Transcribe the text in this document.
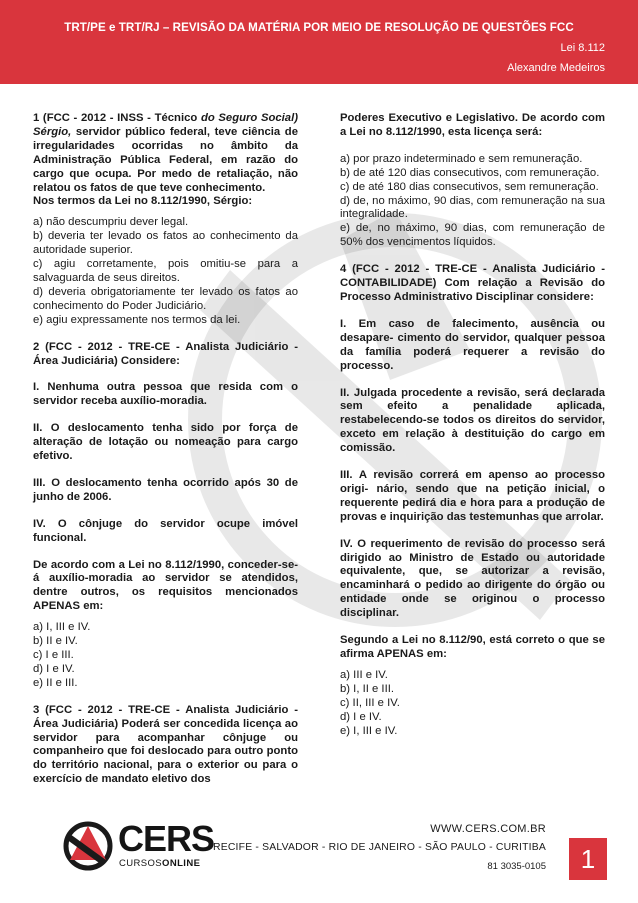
TRT/PE e TRT/RJ – REVISÃO DA MATÉRIA POR MEIO DE RESOLUÇÃO DE QUESTÕES FCC
Lei 8.112
Alexandre Medeiros

1 (FCC - 2012 - INSS - Técnico do Seguro Social) Sérgio, servidor público federal, teve ciência de irregularidades ocorridas no âmbito da Administração Pública Federal, em razão do cargo que ocupa. Por medo de retaliação, não relatou os fatos de que teve conhecimento.

Nos termos da Lei no 8.112/1990, Sérgio:

a) não descumpriu dever legal.

b) deveria ter levado os fatos ao conhecimento da autoridade superior.

c) agiu corretamente, pois omitiu-se para a salvaguarda de seus direitos.

d) deveria obrigatoriamente ter levado os fatos ao conhecimento do Poder Judiciário.

e) agiu expressamente nos termos da lei.

2 (FCC - 2012 - TRE-CE - Analista Judiciário - Área Judiciária) Considere:

I. Nenhuma outra pessoa que resida com o servidor receba auxílio-moradia.

II. O deslocamento tenha sido por força de alteração de lotação ou nomeação para cargo efetivo.

III. O deslocamento tenha ocorrido após 30 de junho de 2006.

IV. O cônjuge do servidor ocupe imóvel funcional.

De acordo com a Lei no 8.112/1990, conceder-se-á auxílio-moradia ao servidor se atendidos, dentre outros, os requisitos mencionados APENAS em:

a) I, III e IV.

b) II e IV.

c) I e III.

d) I e IV.

e) II e III.

3 (FCC - 2012 - TRE-CE - Analista Judiciário - Área Judiciária) Poderá ser concedida licença ao servidor para acompanhar cônjuge ou companheiro que foi deslocado para outro ponto do território nacional, para o exterior ou para o exercício de mandato eletivo dos

Poderes Executivo e Legislativo. De acordo com a Lei no 8.112/1990, esta licença será:

a) por prazo indeterminado e sem remuneração.

b) de até 120 dias consecutivos, com remuneração.

c) de até 180 dias consecutivos, sem remuneração.

d) de, no máximo, 90 dias, com remuneração na sua integralidade.

e) de, no máximo, 90 dias, com remuneração de 50% dos vencimentos líquidos.

4 (FCC - 2012 - TRE-CE - Analista Judiciário - CONTABILIDADE) Com relação a Revisão do Processo Administrativo Disciplinar considere:

I. Em caso de falecimento, ausência ou desapare- cimento do servidor, qualquer pessoa da família poderá requerer a revisão do processo.

II. Julgada procedente a revisão, será declarada sem efeito a penalidade aplicada, restabelecendo-se todos os direitos do servidor, exceto em relação à destituição do cargo em comissão.

III. A revisão correrá em apenso ao processo origi- nário, sendo que na petição inicial, o requerente pedirá dia e hora para a produção de provas e inquirição das testemunhas que arrolar.

IV. O requerimento de revisão do processo será dirigido ao Ministro de Estado ou autoridade equivalente, que, se autorizar a revisão, encaminhará o pedido ao dirigente do órgão ou entidade onde se originou o processo disciplinar.

Segundo a Lei no 8.112/90, está correto o que se afirma APENAS em:

a) III e IV.

b) I, II e III.

c) II, III e IV.

d) I e IV.

e) I, III e IV.

CERS
CURSOSONLINE
WWW.CERS.COM.BR
RECIFE - SALVADOR - RIO DE JANEIRO - SÃO PAULO - CURITIBA
81 3035-0105	1
